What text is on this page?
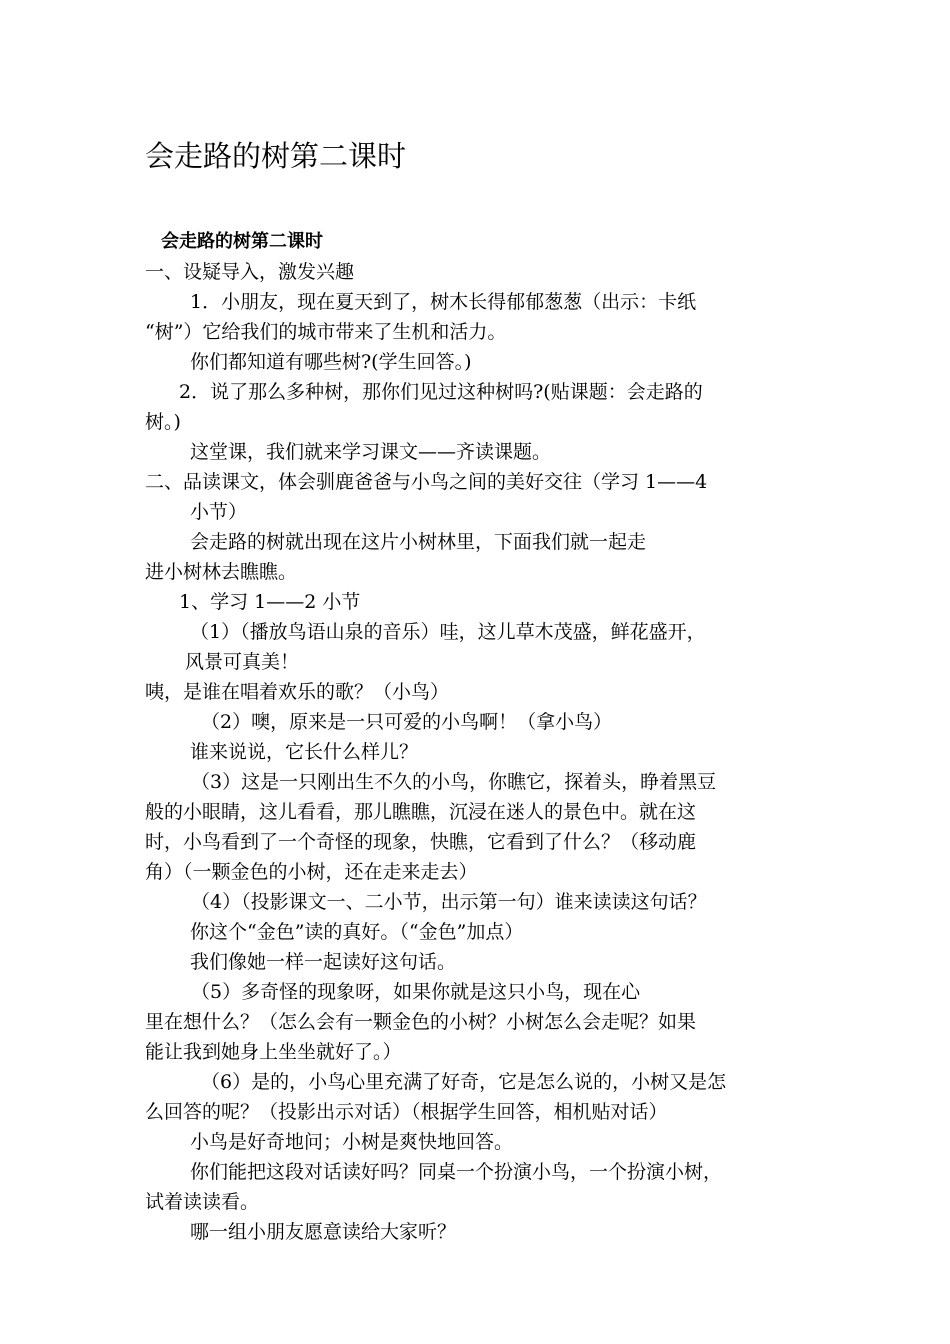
会走路的树第二课时
会走路的树第二课时
一、设疑导入，激发兴趣
1．小朋友，现在夏天到了，树木长得郁郁葱葱（出示：卡纸
“树”）它给我们的城市带来了生机和活力。
你们都知道有哪些树?(学生回答。)
2．说了那么多种树，那你们见过这种树吗?(贴课题：会走路的
树。)
这堂课，我们就来学习课文——齐读课题。
二、品读课文，体会驯鹿爸爸与小鸟之间的美好交往（学习 1——4
小节）
会走路的树就出现在这片小树林里，下面我们就一起走
进小树林去瞧瞧。
1、学习 1——2 小节
（1）（播放鸟语山泉的音乐）哇，这儿草木茂盛，鲜花盛开，
风景可真美！
咦，是谁在唱着欢乐的歌？（小鸟）
（2）噢，原来是一只可爱的小鸟啊！（拿小鸟）
谁来说说，它长什么样儿？
（3）这是一只刚出生不久的小鸟，你瞧它，探着头，睁着黑豆
般的小眼睛，这儿看看，那儿瞧瞧，沉浸在迷人的景色中。就在这
时，小鸟看到了一个奇怪的现象，快瞧，它看到了什么？（移动鹿
角）（一颗金色的小树，还在走来走去）
（4）（投影课文一、二小节，出示第一句）谁来读读这句话？
你这个“金色”读的真好。（“金色”加点）
我们像她一样一起读好这句话。
（5）多奇怪的现象呀，如果你就是这只小鸟，现在心
里在想什么？（怎么会有一颗金色的小树？小树怎么会走呢？如果
能让我到她身上坐坐就好了。）
（6）是的，小鸟心里充满了好奇，它是怎么说的，小树又是怎
么回答的呢？（投影出示对话）（根据学生回答，相机贴对话）
小鸟是好奇地问；小树是爽快地回答。
你们能把这段对话读好吗？同桌一个扮演小鸟，一个扮演小树，
试着读读看。
哪一组小朋友愿意读给大家听？
